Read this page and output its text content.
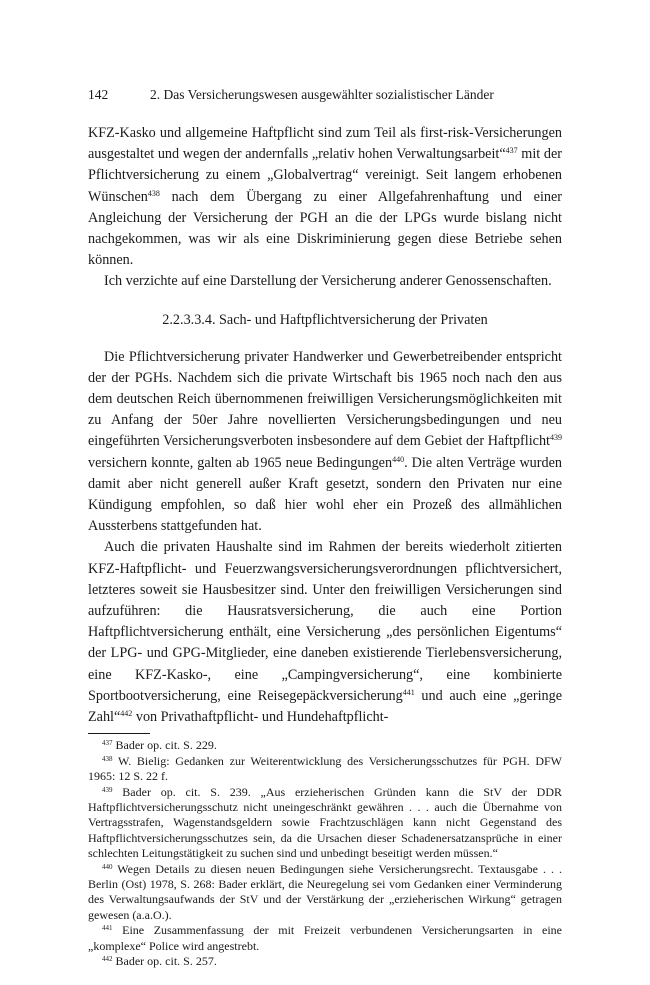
142	2. Das Versicherungswesen ausgewählter sozialistischer Länder

KFZ-Kasko und allgemeine Haftpflicht sind zum Teil als first-risk-Versicherungen ausgestaltet und wegen der andernfalls „relativ hohen Verwaltungsarbeit“$^{437}$ mit der Pflichtversicherung zu einem „Globalvertrag“ vereinigt. Seit langem erhobenen Wünschen$^{438}$ nach dem Übergang zu einer Allgefahrenhaftung und einer Angleichung der Versicherung der PGH an die der LPGs wurde bislang nicht nachgekommen, was wir als eine Diskriminierung gegen diese Betriebe sehen können.

Ich verzichte auf eine Darstellung der Versicherung anderer Genossenschaften.

2.2.3.3.4. Sach- und Haftpflichtversicherung der Privaten

Die Pflichtversicherung privater Handwerker und Gewerbetreibender entspricht der der PGHs. Nachdem sich die private Wirtschaft bis 1965 noch nach den aus dem deutschen Reich übernommenen freiwilligen Versicherungsmöglichkeiten mit zu Anfang der 50er Jahre novellierten Versicherungsbedingungen und neu eingeführten Versicherungsverboten insbesondere auf dem Gebiet der Haftpflicht$^{439}$ versichern konnte, galten ab 1965 neue Bedingungen$^{440}$. Die alten Verträge wurden damit aber nicht generell außer Kraft gesetzt, sondern den Privaten nur eine Kündigung empfohlen, so daß hier wohl eher ein Prozeß des allmählichen Aussterbens stattgefunden hat.

Auch die privaten Haushalte sind im Rahmen der bereits wiederholt zitierten KFZ-Haftpflicht- und Feuerzwangsversicherungsverordnungen pflichtversichert, letzteres soweit sie Hausbesitzer sind. Unter den freiwilligen Versicherungen sind aufzuführen: die Hausratsversicherung, die auch eine Portion Haftpflichtversicherung enthält, eine Versicherung „des persönlichen Eigentums“ der LPG- und GPG-Mitglieder, eine daneben existierende Tierlebensversicherung, eine KFZ-Kasko-, eine „Campingversicherung“, eine kombinierte Sportbootversicherung, eine Reisegepäckversicherung$^{441}$ und auch eine „geringe Zahl“$^{442}$ von Privathaftpflicht- und Hundehaftpflicht-

$^{437}$ Bader op. cit. S. 229.

$^{438}$ W. Bielig: Gedanken zur Weiterentwicklung des Versicherungsschutzes für PGH. DFW 1965: 12 S. 22 f.

$^{439}$ Bader op. cit. S. 239. „Aus erzieherischen Gründen kann die StV der DDR Haftpflichtversicherungsschutz nicht uneingeschränkt gewähren . . . auch die Übernahme von Vertragsstrafen, Wagenstandsgeldern sowie Frachtzuschlägen kann nicht Gegenstand des Haftpflichtversicherungsschutzes sein, da die Ursachen dieser Schadenersatzansprüche in einer schlechten Leitungstätigkeit zu suchen sind und unbedingt beseitigt werden müssen.“

$^{440}$ Wegen Details zu diesen neuen Bedingungen siehe Versicherungsrecht. Textausgabe . . . Berlin (Ost) 1978, S. 268: Bader erklärt, die Neuregelung sei vom Gedanken einer Verminderung des Verwaltungsaufwands der StV und der Verstärkung der „erzieherischen Wirkung“ getragen gewesen (a.a.O.).

$^{441}$ Eine Zusammenfassung der mit Freizeit verbundenen Versicherungsarten in eine „komplexe“ Police wird angestrebt.

$^{442}$ Bader op. cit. S. 257.
